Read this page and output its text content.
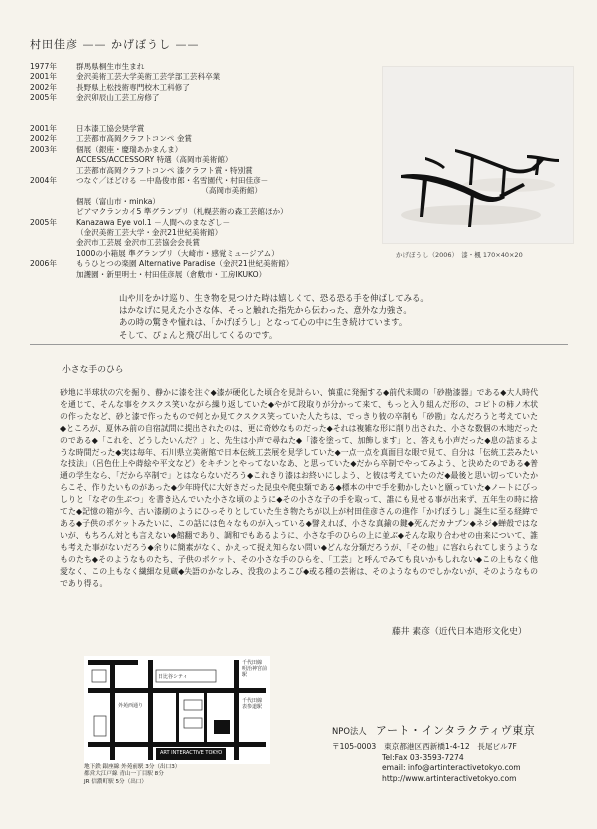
村田佳彦 —— かげぼうし ——
1977年	群馬県桐生市生まれ
2001年	金沢美術工芸大学美術工芸学部工芸科卒業
2002年	長野県上松技術専門校木工科修了
2005年	金沢卯辰山工芸工房修了
2001年	日本漆工協会奨学賞
2002年	工芸都市高岡クラフトコンペ 金賞
2003年	個展（銀座・慶瑞あかまんま）
ACCESS/ACCESSORY 特選（高岡市美術館）
工芸都市高岡クラフトコンペ 漆クラフト賞・特別賞
2004年	つなぐ／ほどける －中島俊市郎・名雪園代・村田佳彦－
　　　　　　　　　　　　　　　　　（高岡市美術館）
個展（富山市・minka）
ピアマクランカイ5 準グランプリ（札幌芸術の森工芸館ほか）
2005年	Kanazawa Eye vol.1 －人間へのまなざし－
（金沢美術工芸大学・金沢21世紀美術館）
金沢市工芸展 金沢市工芸協会会長賞
1000の小箱展 準グランプリ（大崎市・感覚ミュージアム）
2006年	もうひとつの楽園 Alternative Paradise（金沢21世紀美術館）
加護園・新里明士・村田佳彦展（倉敷市・工房IKUKO）
かげぼうし（2006）　漆・楓 170×40×20
山や川をかけ巡り、生き物を見つけた時は嬉しくて、恐る恐る手を伸ばしてみる。
はかなげに見えた小さな体、そっと触れた指先から伝わった、意外な力強さ。
あの時の驚きや憧れは、「かげぼうし」となって心の中に生き続けています。
そして、ぴょんと飛び出してくるのです。
小さな手のひら
砂地に半球状の穴を掘り、静かに漆を注ぐ◆漆が硬化した頃合を見計らい、慎重に発掘する◆前代未聞の「砂勘漆器」である◆大人時代を通じて、そんな事をクスクス笑いながら繰り返していた◆やがて段取りが分かって来て、もっと入り組んだ形の、コピトの柿ノ木状の作ったなど、砂と漆で作ったもので何とか見てクスクス笑っていた人たちは、でっきり彼の卒制も「砂勘」なんだろうと考えていた◆ところが、夏休み前の自宿試問に提出されたのは、更に奇妙なものだった◆それは複雑な形に削り出された、小さな数個の木地だったのである◆「これを、どうしたいんだ？」と、先生は小声で尋ねた◆「漆を塗って、加飾します」と、答えも小声だった◆息の詰まるような時間だった◆実は毎年、石川県立美術館で日本伝統工芸展を見学していた◆一点一点を真面目な眼で見て、自分は「伝統工芸みたいな技法」（呂色仕上や蒔絵や平文など）をキチンとやってないなあ、と思っていた◆だから卒制でやってみよう、と決めたのである◆普通の学生なら、「だから卒制で」とはならないだろう◆これきり漆はお終いにしよう、と彼は考えていたのだ◆最後と思い切っていたからこそ、作りたいものがあった◆少年時代に大好きだった昆虫や爬虫類である◆標本の中で手を動かしたいと願っていた◆ノートにびっしりと「なぞの生ぶつ」を書き込んでいた小さな頃のように◆その小さな子の手を取って、誰にも見せる事が出来ず、五年生の時に捨てた◆記憶の箱が今、古い漆刷のようにひっそりとしていた生き物たちが以上が村田佳彦さんの進作「かげぼうし」誕生に至る経緯である◆子供のポケットみたいに、この話には色々なものが入っている◆譬えれば、小さな真鍮の鍵◆死んだカナブン◆ネジ◆蝉殻ではないが、もちろん対とも言えない◆館翻であり、調和でもあるように、小さな手のひらの上に並ぶ◆そんな取り合わせの由来について、誰も考えた事がないだろう◆余りに簡素がなく、かえって捉え知らない問い◆どんな分類だろうが、「その他」に容れられてしまうようなものたち◆そのようなものたち、子供のポケット、その小さな手のひらを、「工芸」と呼んでみても良いかもしれない◆この上もなく他愛なく、この上もなく繊細な見蔵◆失語のかなしみ、没我のよろこび◆或る種の芸術は、そのようなものでしかないが、そのようなものであり得る。
藤井 素彦（近代日本造形文化史）
千代田線 明治神宮前駅
千代田線 表参道駅
日比谷シティ
外苑西通り
ART INTERACTIVE TOKYO
地下鉄 銀座線 外苑前駅 3分（出口3）
都営大江戸線 青山一丁目駅 8分
JR 信濃町駅 5分（出口）
NPO法人 アート・インタラクティヴ東京
〒105-0003 東京都港区西新橋1-4-12　長尾ビル7F
Tel:Fax 03-3593-7274
email: info@artinteractivetokyo.com
http://www.artinteractivetokyo.com
